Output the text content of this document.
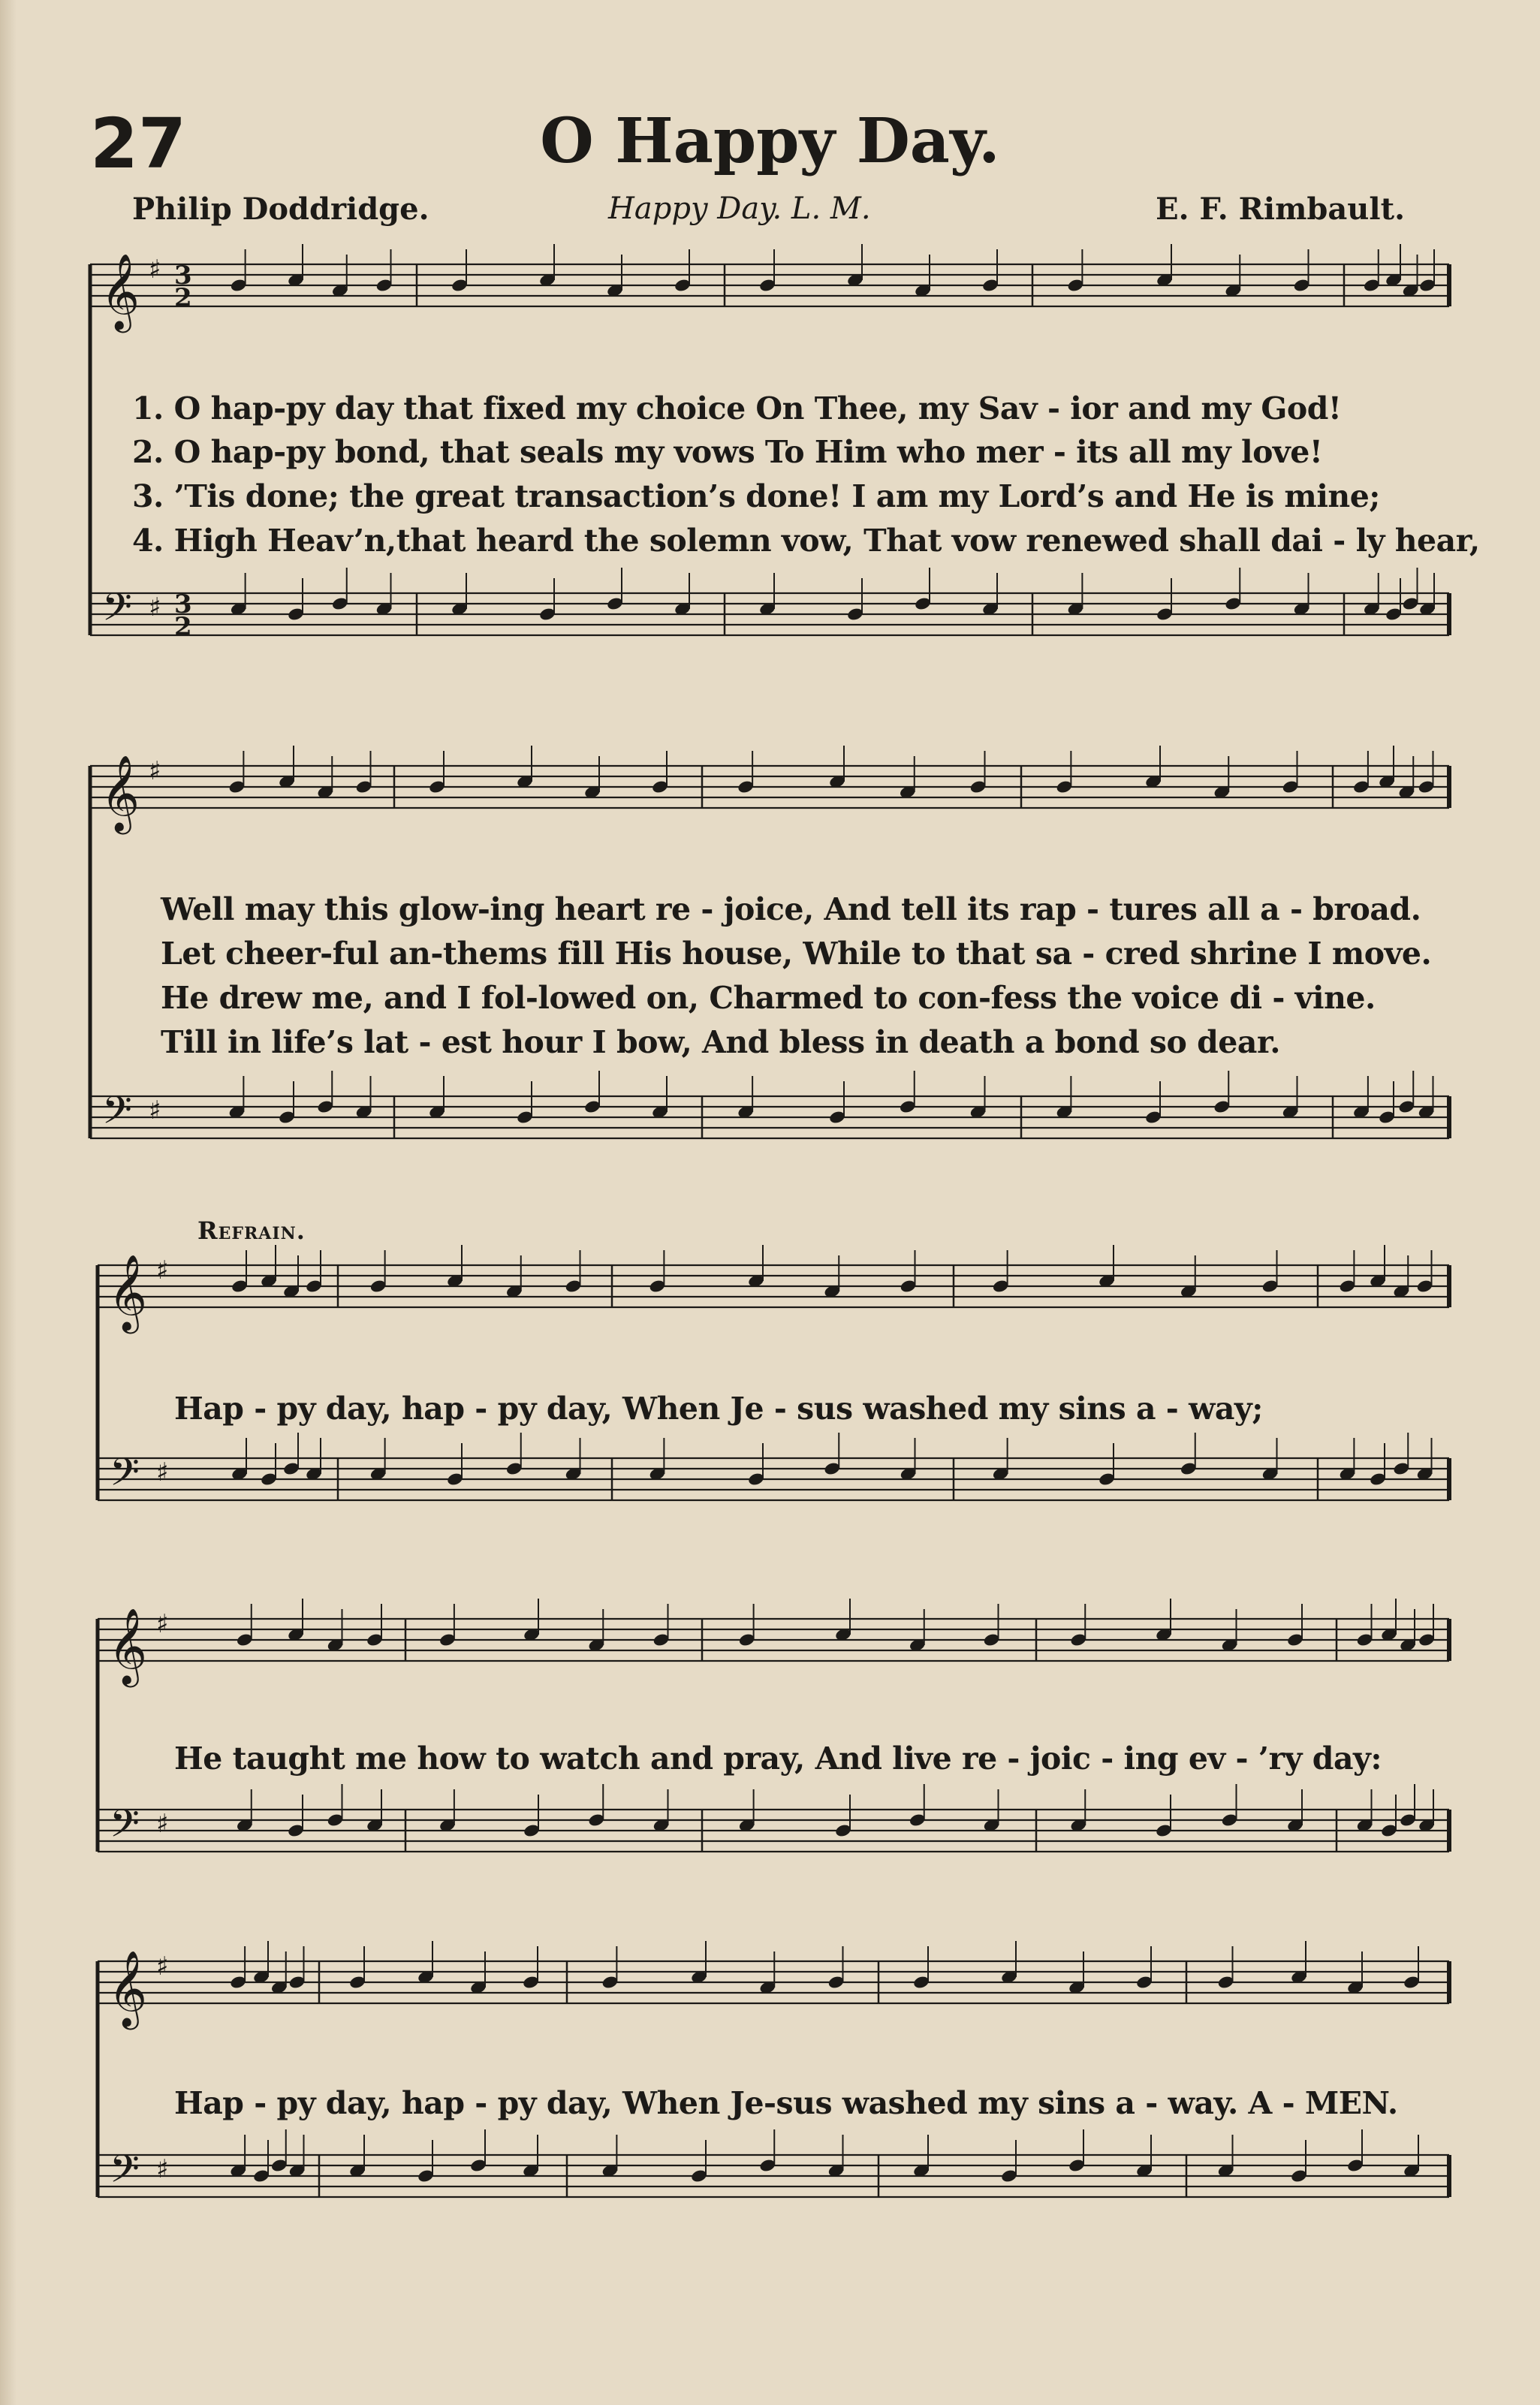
27	O Happy Day.
Philip Doddridge.	Happy Day. L. M.	E. F. Rimbault.
𝄞
𝄢
♯
♯
3
2
3
2
𝄞
𝄢
♯
♯
𝄞
𝄢
♯
♯
𝄞
𝄢
♯
♯
𝄞
𝄢
♯
♯
1. O hap-py day that fixed my choice On Thee, my Sav - ior and my God!
2. O hap-py bond, that seals my vows To Him who mer - its all my love!
3. ’Tis done; the great transaction’s done! I am my Lord’s and He is mine;
4. High Heav’n,that heard the solemn vow, That vow renewed shall dai - ly hear,
Well may this glow-ing heart re - joice, And tell its rap - tures all a - broad.
Let cheer-ful an-thems fill His house, While to that sa - cred shrine I move.
He drew me, and I fol-lowed on, Charmed to con-fess the voice di - vine.
Till in life’s lat - est hour I bow, And bless in death a bond so dear.
Refrain.
Hap - py day, hap - py day, When Je - sus washed my sins a - way;
He taught me how to watch and pray, And live re - joic - ing ev - ’ry day:
Hap - py day, hap - py day, When Je-sus washed my sins a - way. A - MEN.
